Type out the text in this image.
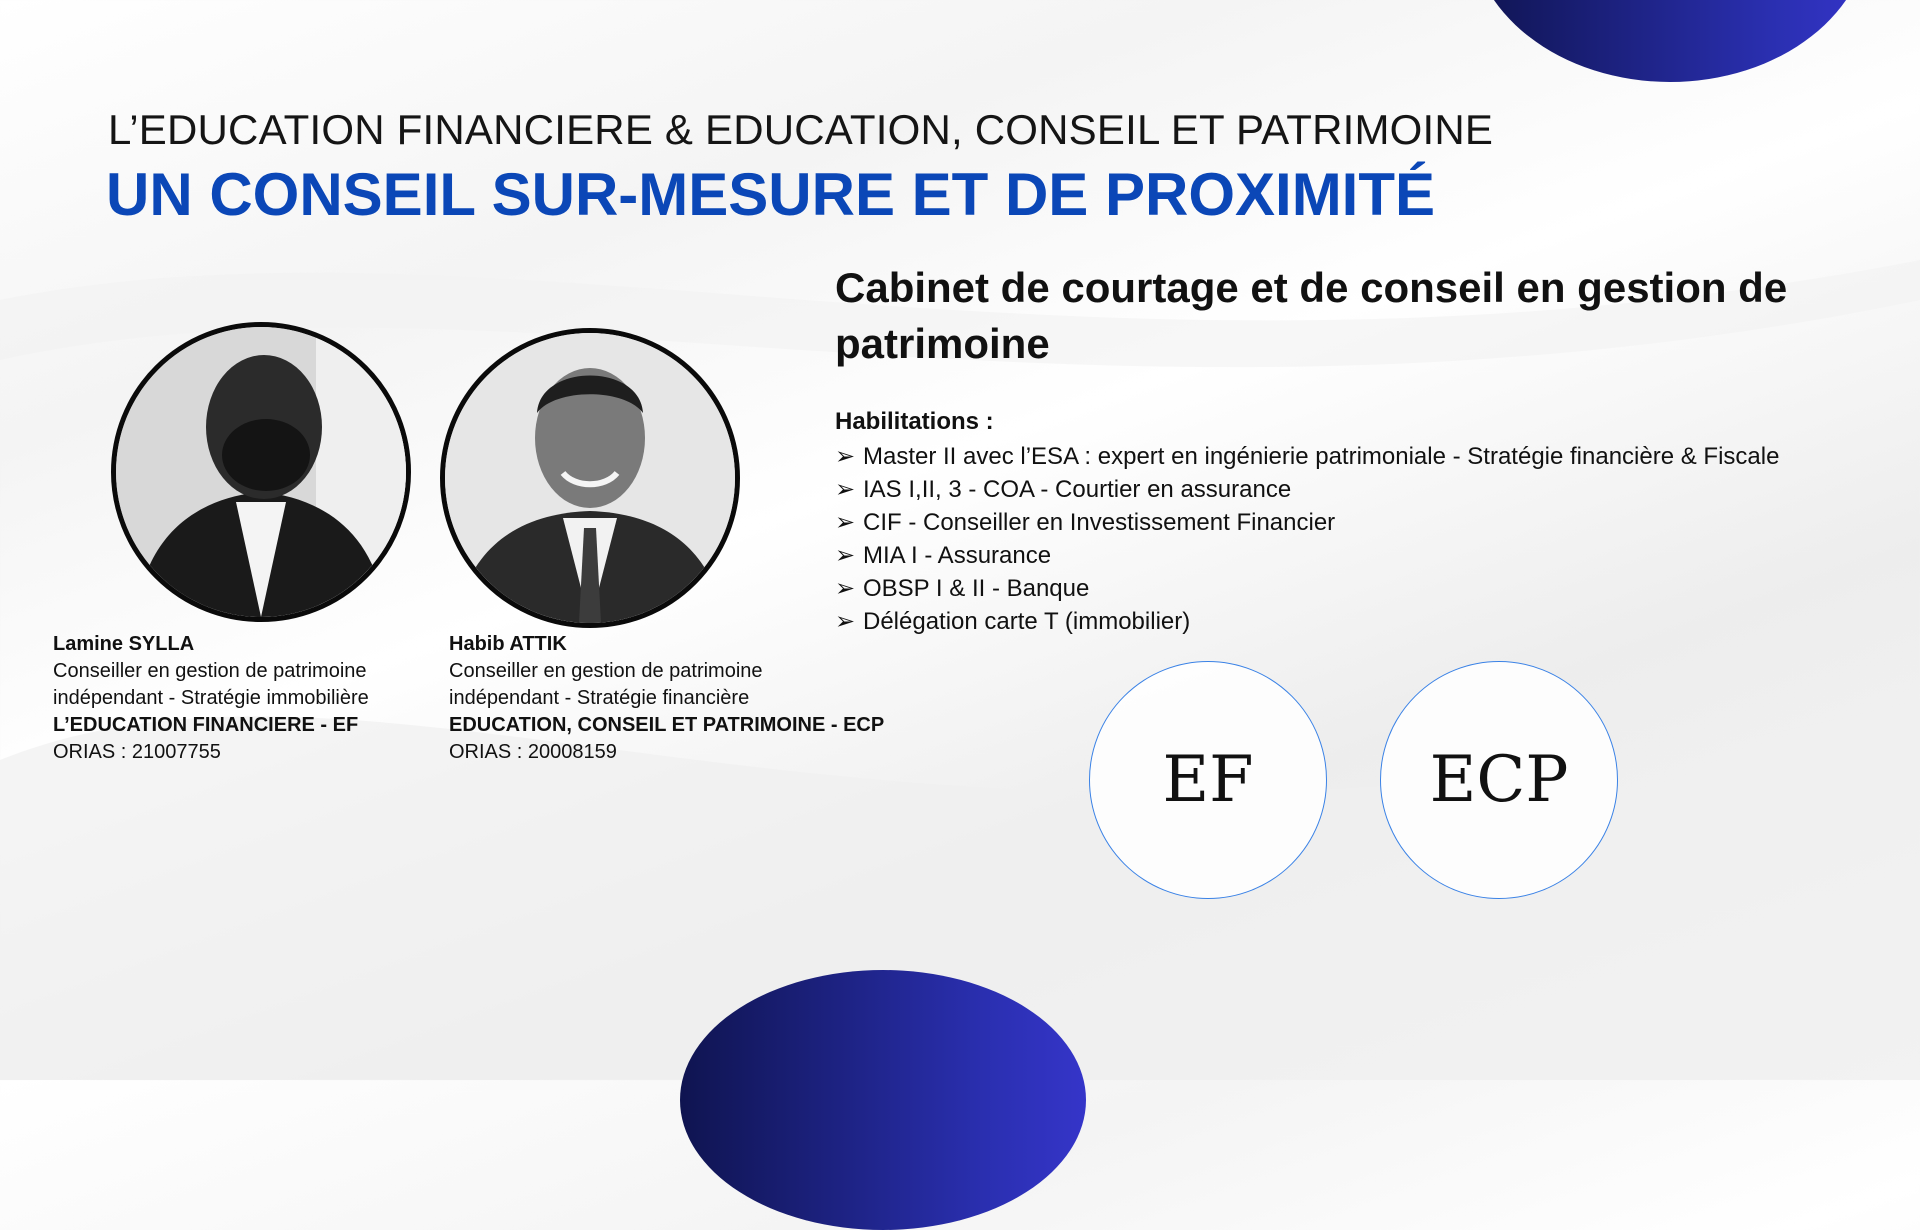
L’EDUCATION FINANCIERE & EDUCATION, CONSEIL ET PATRIMOINE
UN CONSEIL SUR-MESURE ET DE PROXIMITÉ
Cabinet de courtage et de conseil en gestion de patrimoine
Habilitations :
➢ Master II avec l’ESA : expert en ingénierie patrimoniale - Stratégie financière & Fiscale
➢ IAS I,II, 3 - COA - Courtier en assurance
➢ CIF - Conseiller en Investissement Financier
➢ MIA I - Assurance
➢ OBSP I & II - Banque
➢ Délégation carte T (immobilier)
Lamine SYLLA
Conseiller en gestion de patrimoine
indépendant - Stratégie immobilière
L’EDUCATION FINANCIERE - EF
ORIAS : 21007755
Habib ATTIK
Conseiller en gestion de patrimoine
indépendant - Stratégie financière
EDUCATION, CONSEIL ET PATRIMOINE - ECP
ORIAS : 20008159	EF	ECP
